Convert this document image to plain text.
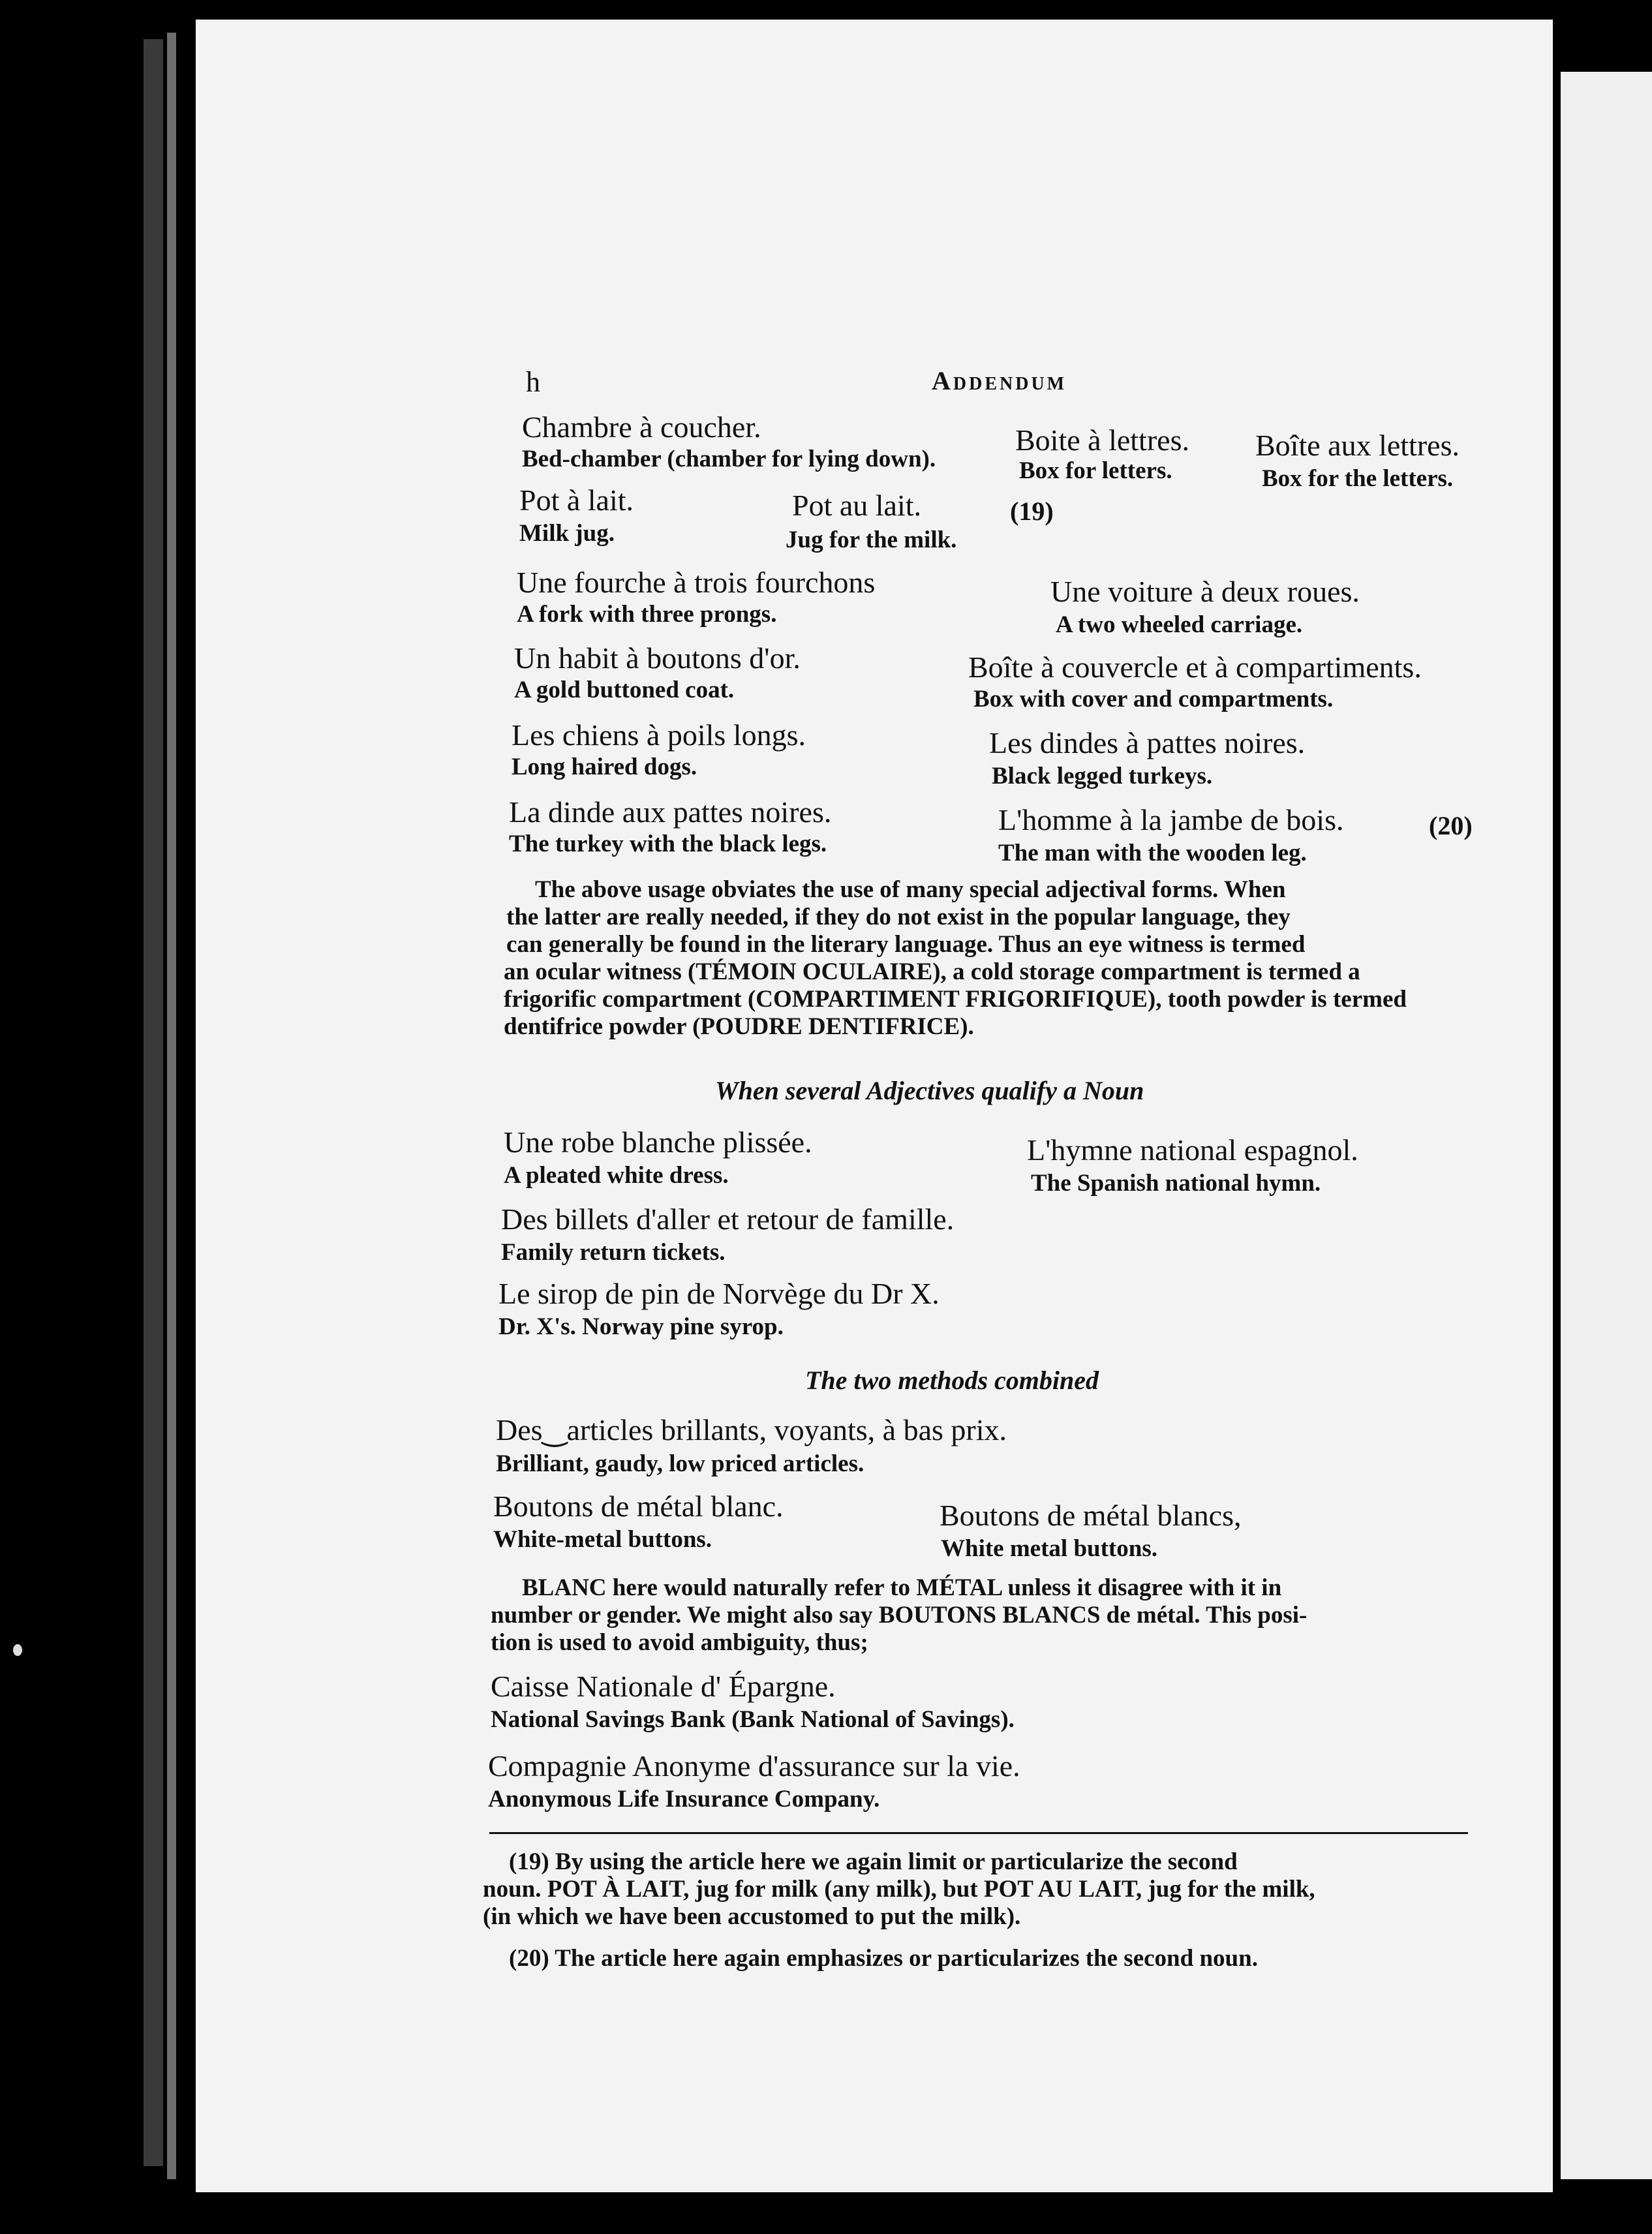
h	Addendum
Chambre à coucher.
Bed-chamber (chamber for lying down).
Boite à lettres.
Box for letters.
Boîte aux lettres.
Box for the letters.
Pot à lait.
Milk jug.
Pot au lait.
Jug for the milk.
(19)
Une fourche à trois fourchons
A fork with three prongs.
Une voiture à deux roues.
A two wheeled carriage.
Un habit à boutons d'or.
A gold buttoned coat.
Boîte à couvercle et à compartiments.
Box with cover and compartments.
Les chiens à poils longs.
Long haired dogs.
Les dindes à pattes noires.
Black legged turkeys.
La dinde aux pattes noires.
The turkey with the black legs.
L'homme à la jambe de bois.
The man with the wooden leg.
(20)
The above usage obviates the use of many special adjectival forms. When
the latter are really needed, if they do not exist in the popular language, they
can generally be found in the literary language. Thus an eye witness is termed
an ocular witness (TÉMOIN OCULAIRE), a cold storage compartment is termed a
frigorific compartment (COMPARTIMENT FRIGORIFIQUE), tooth powder is termed
dentifrice powder (POUDRE DENTIFRICE).
When several Adjectives qualify a Noun
Une robe blanche plissée.
A pleated white dress.
L'hymne national espagnol.
The Spanish national hymn.
Des billets d'aller et retour de famille.
Family return tickets.
Le sirop de pin de Norvège du Dr X.
Dr. X's. Norway pine syrop.
The two methods combined
Des‿articles brillants, voyants, à bas prix.
Brilliant, gaudy, low priced articles.
Boutons de métal blanc.
White-metal buttons.
Boutons de métal blancs,
White metal buttons.
BLANC here would naturally refer to MÉTAL unless it disagree with it in
number or gender. We might also say BOUTONS BLANCS de métal. This posi-
tion is used to avoid ambiguity, thus;
Caisse Nationale d' Épargne.
National Savings Bank (Bank National of Savings).
Compagnie Anonyme d'assurance sur la vie.
Anonymous Life Insurance Company.
(19) By using the article here we again limit or particularize the second
noun. POT À LAIT, jug for milk (any milk), but POT AU LAIT, jug for the milk,
(in which we have been accustomed to put the milk).
(20) The article here again emphasizes or particularizes the second noun.
